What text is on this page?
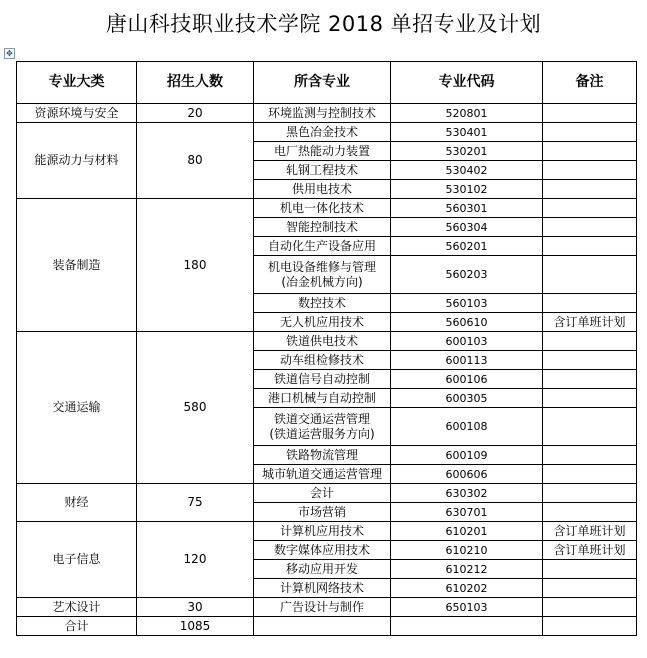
唐山科技职业技术学院 2018 单招专业及计划
✥
专业大类	招生人数	所含专业	专业代码	备注
资源环境与安全	20	环境监测与控制技术	520801	
能源动力与材料	80	黑色冶金技术	530401	

		电厂热能动力装置	530201	

		轧钢工程技术	530402	

		供用电技术	530102	
装备制造	180	机电一体化技术	560301	

		智能控制技术	560304	

		自动化生产设备应用	560201	

		机电设备维修与管理
(冶金机械方向)	560203	

		数控技术	560103	

		无人机应用技术	560610	含订单班计划
交通运输	580	铁道供电技术	600103	

		动车组检修技术	600113	

		铁道信号自动控制	600106	

		港口机械与自动控制	600305	

		铁道交通运营管理
(铁道运营服务方向)	600108	

		铁路物流管理	600109	

		城市轨道交通运营管理	600606	
财经	75	会计	630302	

		市场营销	630701	
电子信息	120	计算机应用技术	610201	含订单班计划

		数字媒体应用技术	610210	含订单班计划

		移动应用开发	610212	

		计算机网络技术	610202	
艺术设计	30	广告设计与制作	650103	
合计	1085			
